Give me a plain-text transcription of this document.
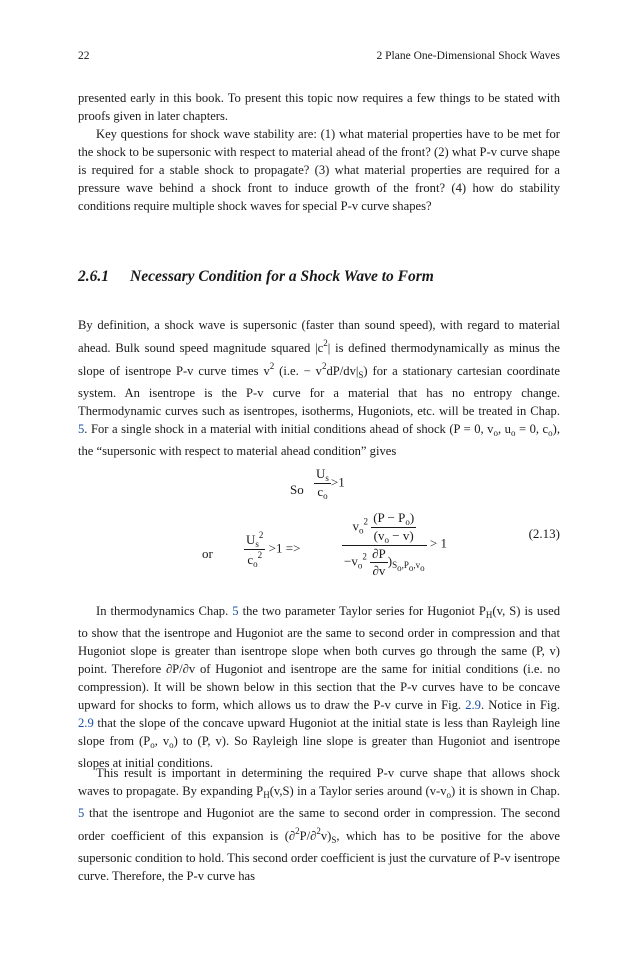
22	2 Plane One-Dimensional Shock Waves

presented early in this book. To present this topic now requires a few things to be stated with proofs given in later chapters.

Key questions for shock wave stability are: (1) what material properties have to be met for the shock to be supersonic with respect to material ahead of the front? (2) what P-v curve shape is required for a stable shock to propagate? (3) what material properties are required for a pressure wave behind a shock front to induce growth of the front? (4) how do stability conditions require multiple shock waves for special P-v curve shapes?

2.6.1 Necessary Condition for a Shock Wave to Form

By definition, a shock wave is supersonic (faster than sound speed), with regard to material ahead. Bulk sound speed magnitude squared $|c^2|$ is defined thermodynamically as minus the slope of isentrope P-v curve times $v^2$ (i.e. − $v^2dP/dv|_S$) for a stationary cartesian coordinate system. An isentrope is the P-v curve for a material that has no entropy change. Thermodynamic curves such as isentropes, isotherms, Hugoniots, etc. will be treated in Chap. 5. For a single shock in a material with initial conditions ahead of shock (P = 0, $v_o$, $u_o = 0$, $c_o$), the “supersonic with respect to material ahead condition” gives

So $\frac{U_s}{c_o} >1$
or $\frac{U_s^2}{c_o^2} >1$ =>	$\frac{v_o^2 \frac{(P - P_o)}{(v_o - v)}}{-v_o^2 \frac{\partial P}{\partial v} )_{So,Po,vo}} > 1$
(2.13)

In thermodynamics Chap. 5 the two parameter Taylor series for Hugoniot $P_H(v$, S) is used to show that the isentrope and Hugoniot are the same to second order in compression and that Hugoniot slope is greater than isentrope slope when both curves go through the same (P, v) point. Therefore ∂P/∂v of Hugoniot and isentrope are the same for initial conditions (i.e. no compression). It will be shown below in this section that the P-v curves have to be concave upward for shocks to form, which allows us to draw the P-v curve in Fig. 2.9. Notice in Fig. 2.9 that the slope of the concave upward Hugoniot at the initial state is less than Rayleigh line slope from ($P_o$, $v_o$) to (P, v). So Rayleigh line slope is greater than Hugoniot and isentrope slopes at initial conditions.

This result is important in determining the required P-v curve shape that allows shock waves to propagate. By expanding $P_H(v,S)$ in a Taylor series around $(v-v_o)$ it is shown in Chap. 5 that the isentrope and Hugoniot are the same to second order in compression. The second order coefficient of this expansion is $(\partial^2P/\partial^2v)_S$, which has to be positive for the above supersonic condition to hold. This second order coefficient is just the curvature of P-v isentrope curve. Therefore, the P-v curve has
